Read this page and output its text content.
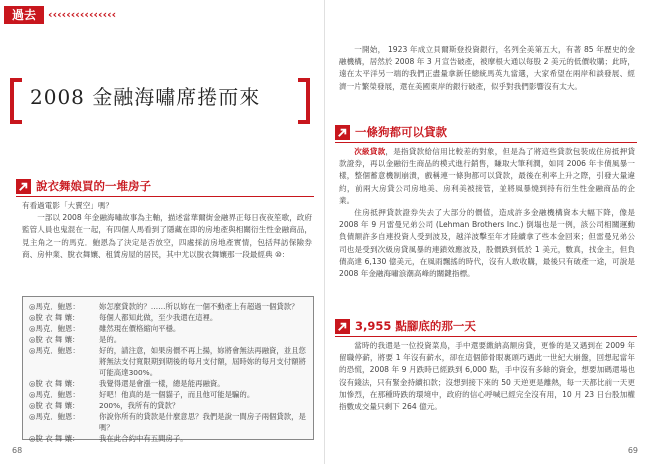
過去	‹ ‹ ‹ ‹ ‹ ‹ ‹ ‹ ‹ ‹ ‹ ‹ ‹ ‹ ‹
2008 金融海嘯席捲而來
說衣舞娘買的一堆房子

有看過電影「大賣空」嗎？

一部以 2008 年金融海嘯故事為主軸，描述當華爾街金融界正每日夜夜笙歌，政府監管人員也鬼混在一起，有四個人馬看到了隱藏在即的房地產與相關衍生性金融商品，見主角之一的馬克．鮑恩為了決定是否放空，四處採訪房地產實情，包括拜訪保險券商、房仲業、脫衣舞孃、租賃房屋的居民，其中尤以脫衣舞孃那一段最經典 ⑩：

◎馬克．鮑恩：	妳怎麼貸款的？……所以妳在一個不動產上有超過一個貸款？
◎脫 衣 舞 孃：	每個人都知此做，至少我還在這裡。
◎馬克．鮑恩：	雖然現在價格縮向平穩。
◎脫 衣 舞 孃：	是的。
◎馬克．鮑恩：	好的，請注意，如果房價不再上揚，妳將會無法再融資，並且您將無法支付寬限期到期後的每月支付額，屆時妳的每月支付額將可能高達300%。
◎脫 衣 舞 孃：	我覺得還是會漲一樣，總是能再融資。
◎馬克．鮑恩：	好吧！他真的是一個貓子，而且他可能是騙的。
◎脫 衣 舞 孃：	200%，我所有的貸款？
◎馬克．鮑恩：	你說你所有的貸款是什麼意思？我們是說一間房子兩個貸款，是嗎？
◎脫 衣 舞 孃：	我在此合約中有五間房子。
68
一開始， 1923 年成立貝爾斯登投資銀行，名列全美第五大，有著 85 年歷史的金融機構，居然於 2008 年 3 月宣告破產，被摩根大通以每股 2 美元的低價收購；此時，遠在太平洋另一端的我們正盡量拿新任總統馬英九當選，大家希望在兩岸和談發展、經濟一片繁榮發展，還在美國東岸的銀行破產，似乎對我們影響沒有太大。
一條狗都可以貸款

次級貸款，是指貸款給信用比較差的對象，但是為了將這些貸款包裝成住房抵押貸款證券，再以金融衍生商品的模式進行銷售，賺取大筆利潤，如同 2006 年卡債風暴一樣，整個蓄意機制崩潰，戲稱連一條狗都可以貸款，最後在利率上升之際，引發大量違約，前兩大房貸公司房地美、房利美被接管，並將風暴燒到持有衍生性金融商品的企業。

住房抵押貸款證券失去了大部分的價值，造成許多金融機構資本大幅下降，像是 2008 年 9 月雷曼兄弟公司 (Lehman Brothers Inc.) 倒塌也是一例，該公司相關運動負債額許多自連投資人受到波及，越洋波擊至年才陸續拿了些本金回來；但雷曼兄弟公司也是受到次級房貸風暴的連鎖效應波及，股價跌到低於 1 美元，數真，找金主，但負債高達 6,130 億美元，在風雨飄搖的時代，沒有人敢收購，最後只有破產一途，可說是 2008 年金融海嘯浪潮高峰的關鍵指標。

3,955 點腳底的那一天

當時的我還是一位投資菜鳥，手中還要繳納高額房貸，更慘的是又遇到在 2009 年留職停薪，將要 1 年沒有薪水，卻在這個節骨眼裏頭巧遇此一世紀大崩盤，回想起當年的恐慌，2008 年 9 月跌時已經跌到 6,000 點，手中沒有多餘的資金，想要加碼還場也沒有錢法，只有緊金持續扣款；沒想到接下來的 50 天逆更是離熱，每一天都比前一天更加慘烈，在那種時跌的環境中，政府的信心呼喊已經完全沒有用，10 月 23 日台股加權指數成交量只剩下 264 億元。

69
